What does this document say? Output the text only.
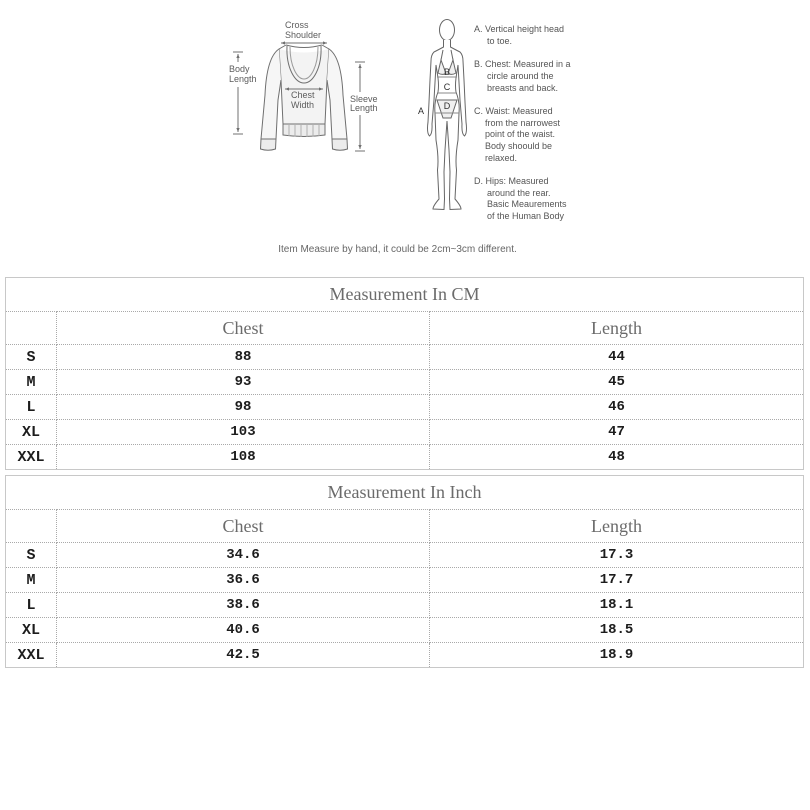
Cross
Shoulder
Body
Length
Chest
Width
Sleeve
Length	A
B
C
D
A. Vertical height head
to toe.
B. Chest: Measured in a
circle around the
breasts and back.
C. Waist: Measured
from the narrowest
point of the waist.
Body shoould be
relaxed.
D. Hips: Measured
around the rear.
Basic Meaurements
of the Human Body
Item Measure by hand, it could be 2cm~3cm different.
Measurement In CM		
	Chest	Length
S	88	44
M	93	45
L	98	46
XL	103	47
XXL	108	48
Measurement In Inch		
	Chest	Length
S	34.6	17.3
M	36.6	17.7
L	38.6	18.1
XL	40.6	18.5
XXL	42.5	18.9
